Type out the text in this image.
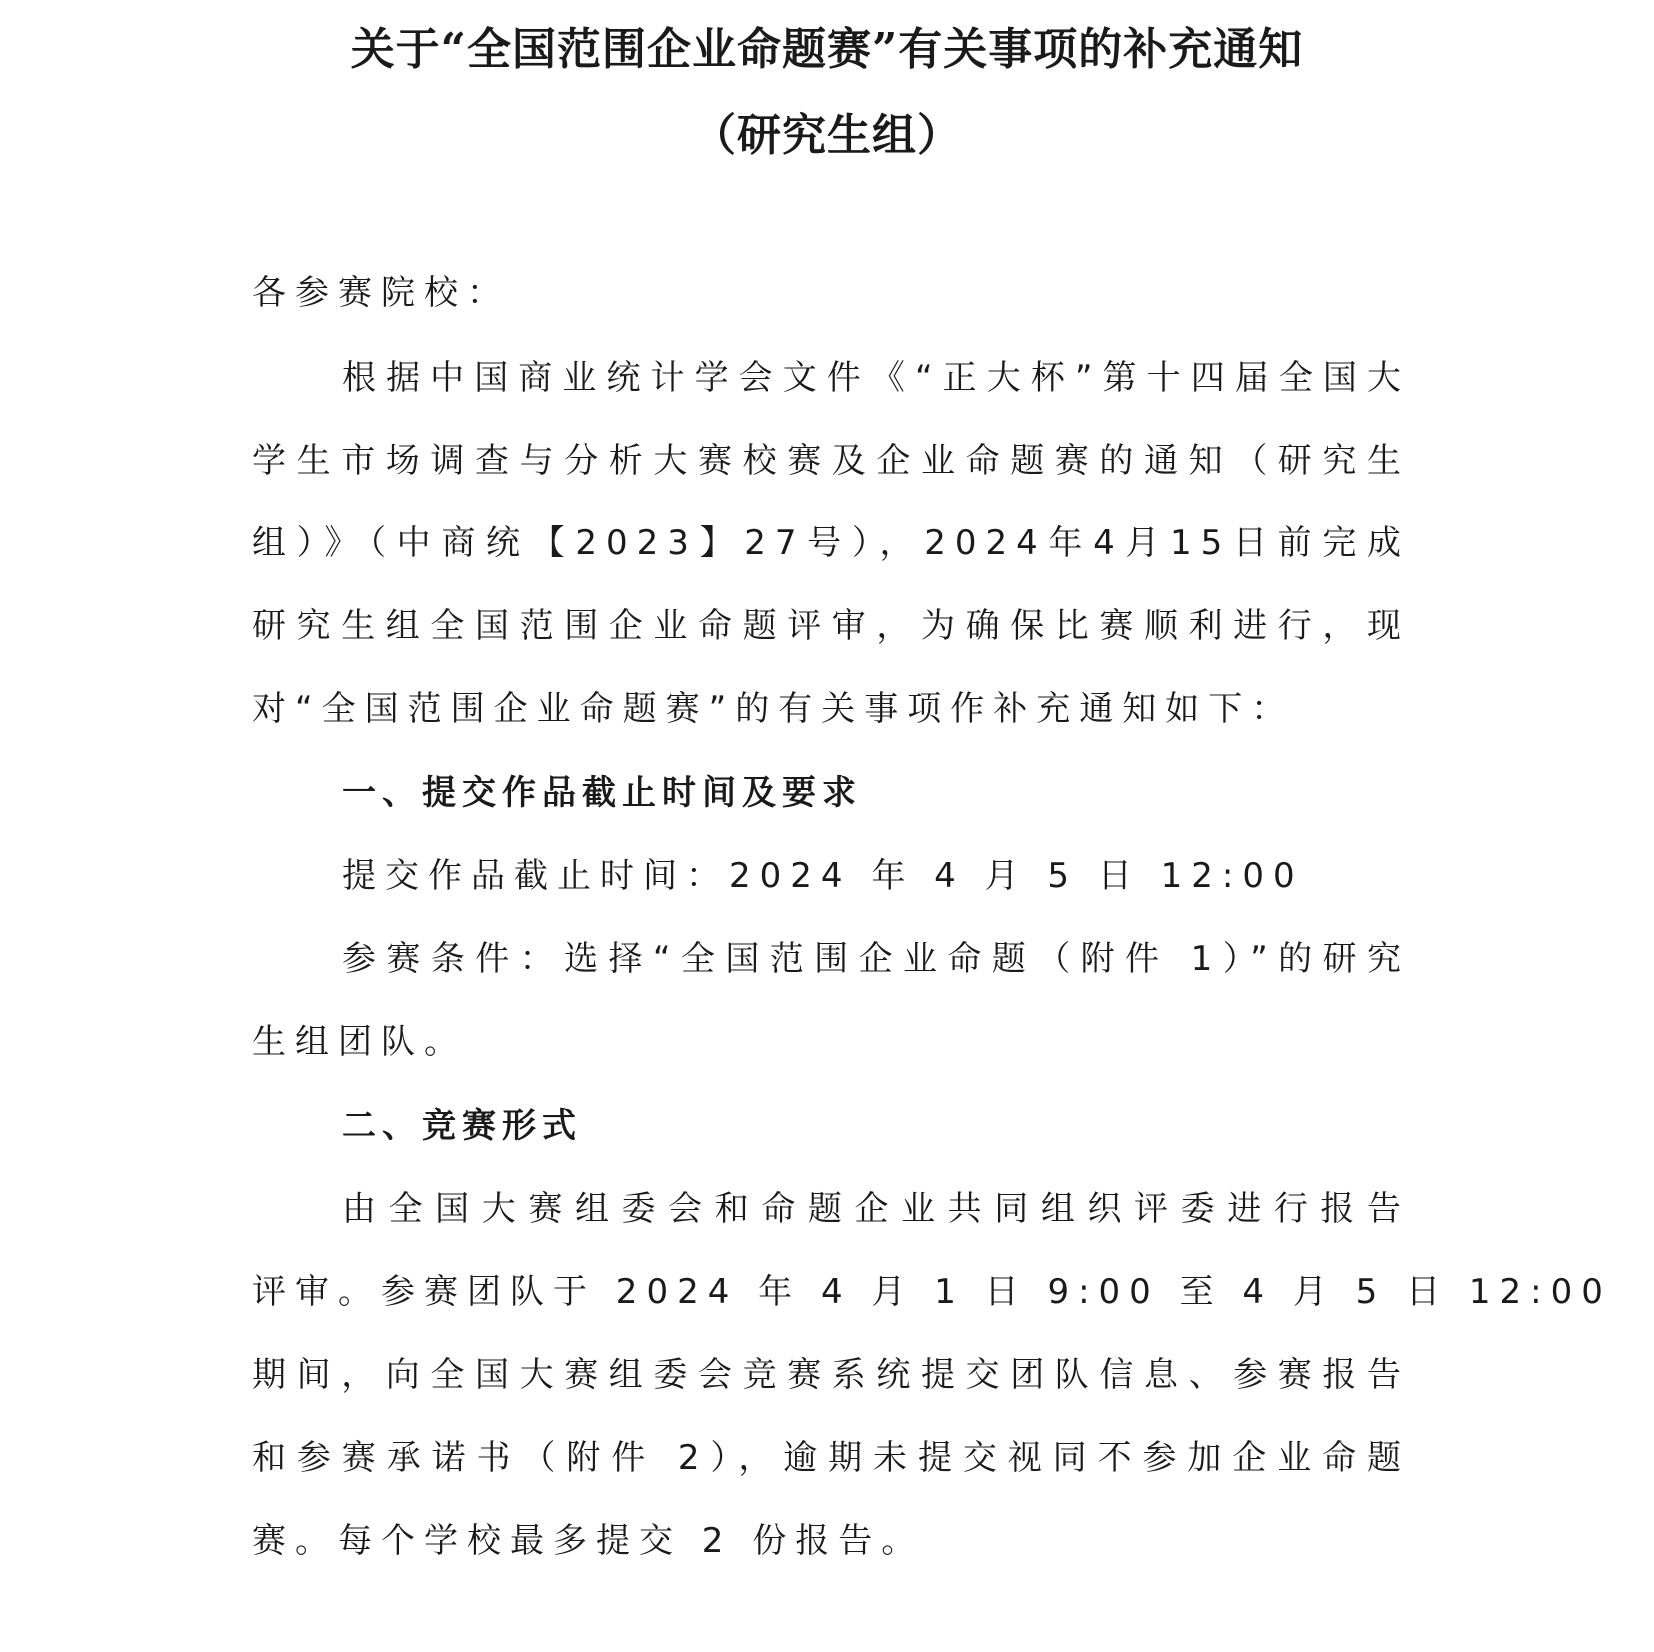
关于“全国范围企业命题赛”有关事项的补充通知
（研究生组）
各参赛院校：
根据中国商业统计学会文件《“正大杯”第十四届全国大
学生市场调查与分析大赛校赛及企业命题赛的通知（研究生
组）》（中商统【2023】27号），2024年4月15日前完成
研究生组全国范围企业命题评审，为确保比赛顺利进行，现
对“全国范围企业命题赛”的有关事项作补充通知如下：
一、提交作品截止时间及要求
提交作品截止时间：2024 年 4 月 5 日 12:00
参赛条件：选择“全国范围企业命题（附件 1）”的研究
生组团队。
二、竞赛形式
由全国大赛组委会和命题企业共同组织评委进行报告
评审。参赛团队于 2024 年 4 月 1 日 9:00 至 4 月 5 日 12:00
期间，向全国大赛组委会竞赛系统提交团队信息、参赛报告
和参赛承诺书（附件 2），逾期未提交视同不参加企业命题
赛。每个学校最多提交 2 份报告。
